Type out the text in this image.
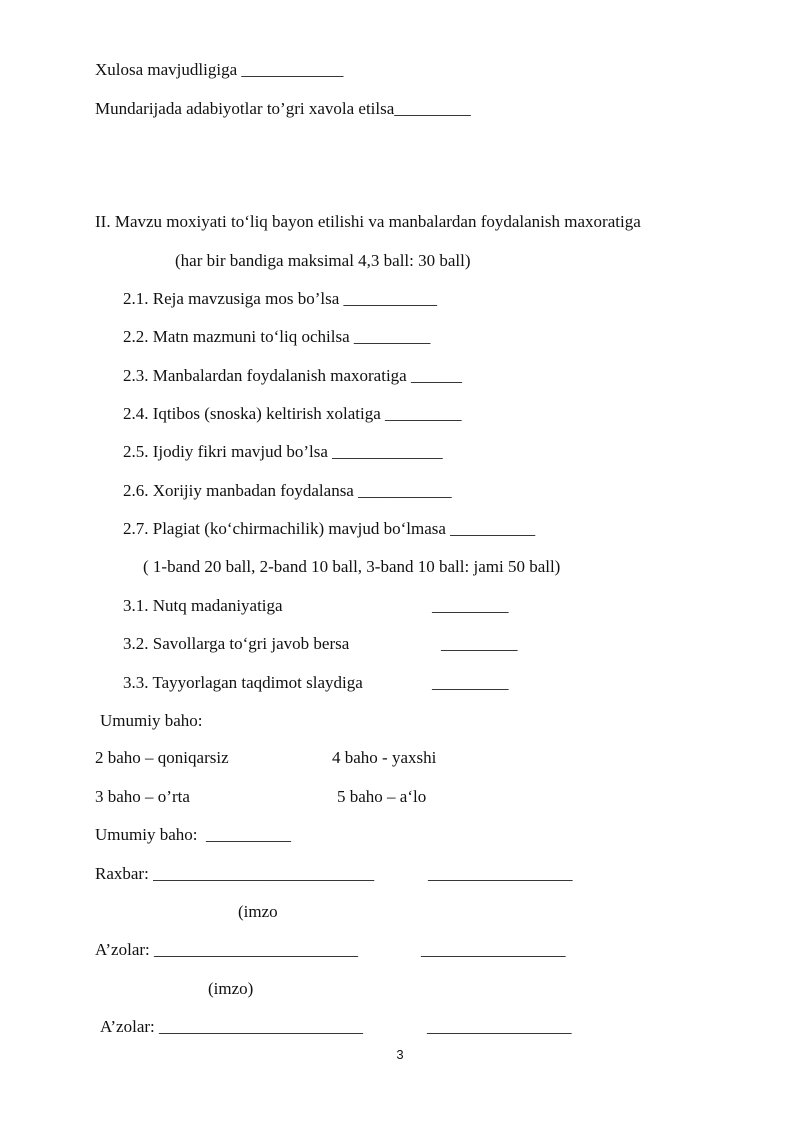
Xulosa mavjudligiga ____________
Mundarijada adabiyotlar to’gri xavola etilsa_________
II. Mavzu moxiyati to‘liq bayon etilishi va manbalardan foydalanish maxoratiga
(har bir bandiga maksimal 4,3 ball: 30 ball)
2.1. Reja mavzusiga mos bo’lsa ___________
2.2. Matn mazmuni to‘liq ochilsa _________
2.3. Manbalardan foydalanish maxoratiga ______
2.4. Iqtibos (snoska) keltirish xolatiga _________
2.5. Ijodiy fikri mavjud bo’lsa _____________
2.6. Xorijiy manbadan foydalansa ___________
2.7. Plagiat (ko‘chirmachilik) mavjud bo‘lmasa __________
( 1-band 20 ball, 2-band 10 ball, 3-band 10 ball: jami 50 ball)
3.1. Nutq madaniyatiga	_________
3.2. Savollarga to‘gri javob bersa	_________
3.3. Tayyorlagan taqdimot slaydiga	_________
Umumiy baho:
2 baho – qoniqarsiz	4 baho - yaxshi
3 baho – o’rta	5 baho – a‘lo
Umumiy baho:  __________
Raxbar: __________________________	_________________
(imzo
A’zolar: ________________________	_________________
(imzo)
A’zolar: ________________________	_________________
3
